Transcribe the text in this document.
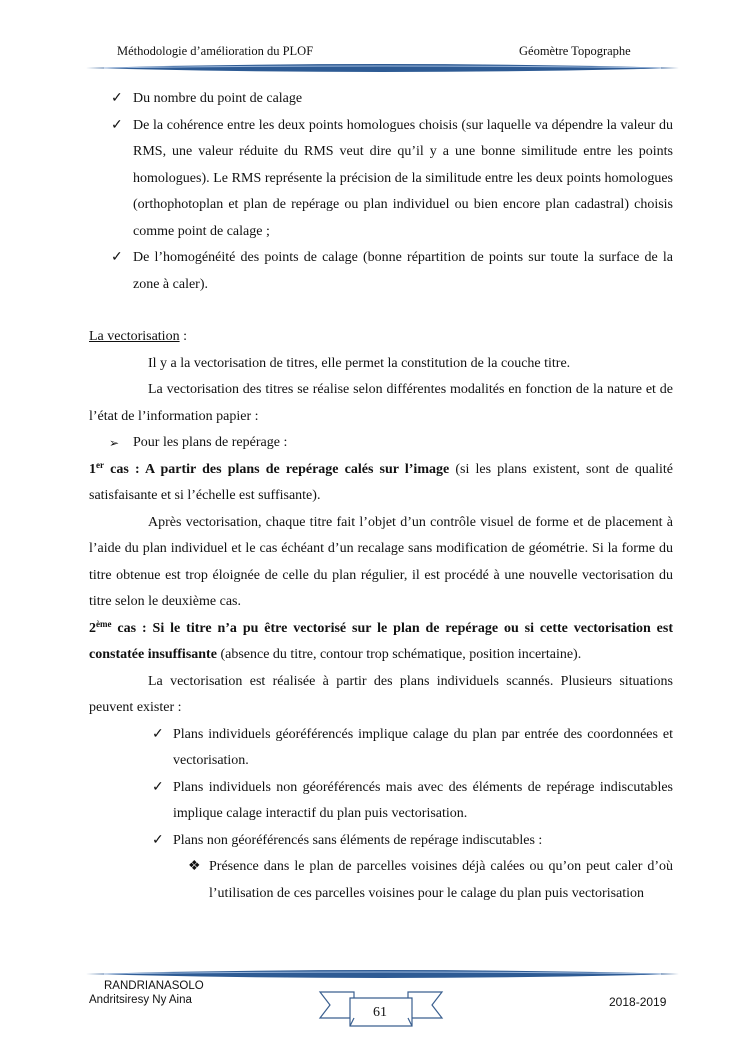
Méthodologie d’amélioration du PLOF	Géomètre Topographe
✓ Du nombre du point de calage
✓ De la cohérence entre les deux points homologues choisis (sur laquelle va dépendre la valeur du RMS, une valeur réduite du RMS veut dire qu’il y a une bonne similitude entre les points homologues). Le RMS représente la précision de la similitude entre les deux points homologues (orthophotoplan et plan de repérage ou plan individuel ou bien encore plan cadastral) choisis comme point de calage ;
✓ De l’homogénéité des points de calage (bonne répartition de points sur toute la surface de la zone à caler).

La vectorisation :

Il y a la vectorisation de titres, elle permet la constitution de la couche titre.

La vectorisation des titres se réalise selon différentes modalités en fonction de la nature et de l’état de l’information papier :

➢ Pour les plans de repérage :

1er cas : A partir des plans de repérage calés sur l’image (si les plans existent, sont de qualité satisfaisante et si l’échelle est suffisante).

Après vectorisation, chaque titre fait l’objet d’un contrôle visuel de forme et de placement à l’aide du plan individuel et le cas échéant d’un recalage sans modification de géométrie. Si la forme du titre obtenue est trop éloignée de celle du plan régulier, il est procédé à une nouvelle vectorisation du titre selon le deuxième cas.

2ème cas : Si le titre n’a pu être vectorisé sur le plan de repérage ou si cette vectorisation est constatée insuffisante (absence du titre, contour trop schématique, position incertaine).

La vectorisation est réalisée à partir des plans individuels scannés. Plusieurs situations peuvent exister :

✓ Plans individuels géoréférencés implique calage du plan par entrée des coordonnées et vectorisation.
✓ Plans individuels non géoréférencés mais avec des éléments de repérage indiscutables implique calage interactif du plan puis vectorisation.
✓ Plans non géoréférencés sans éléments de repérage indiscutables :
❖ Présence dans le plan de parcelles voisines déjà calées ou qu’on peut caler d’où l’utilisation de ces parcelles voisines pour le calage du plan puis vectorisation
RANDRIANASOLO
Andritsiresy Ny Aina
61
2018-2019
